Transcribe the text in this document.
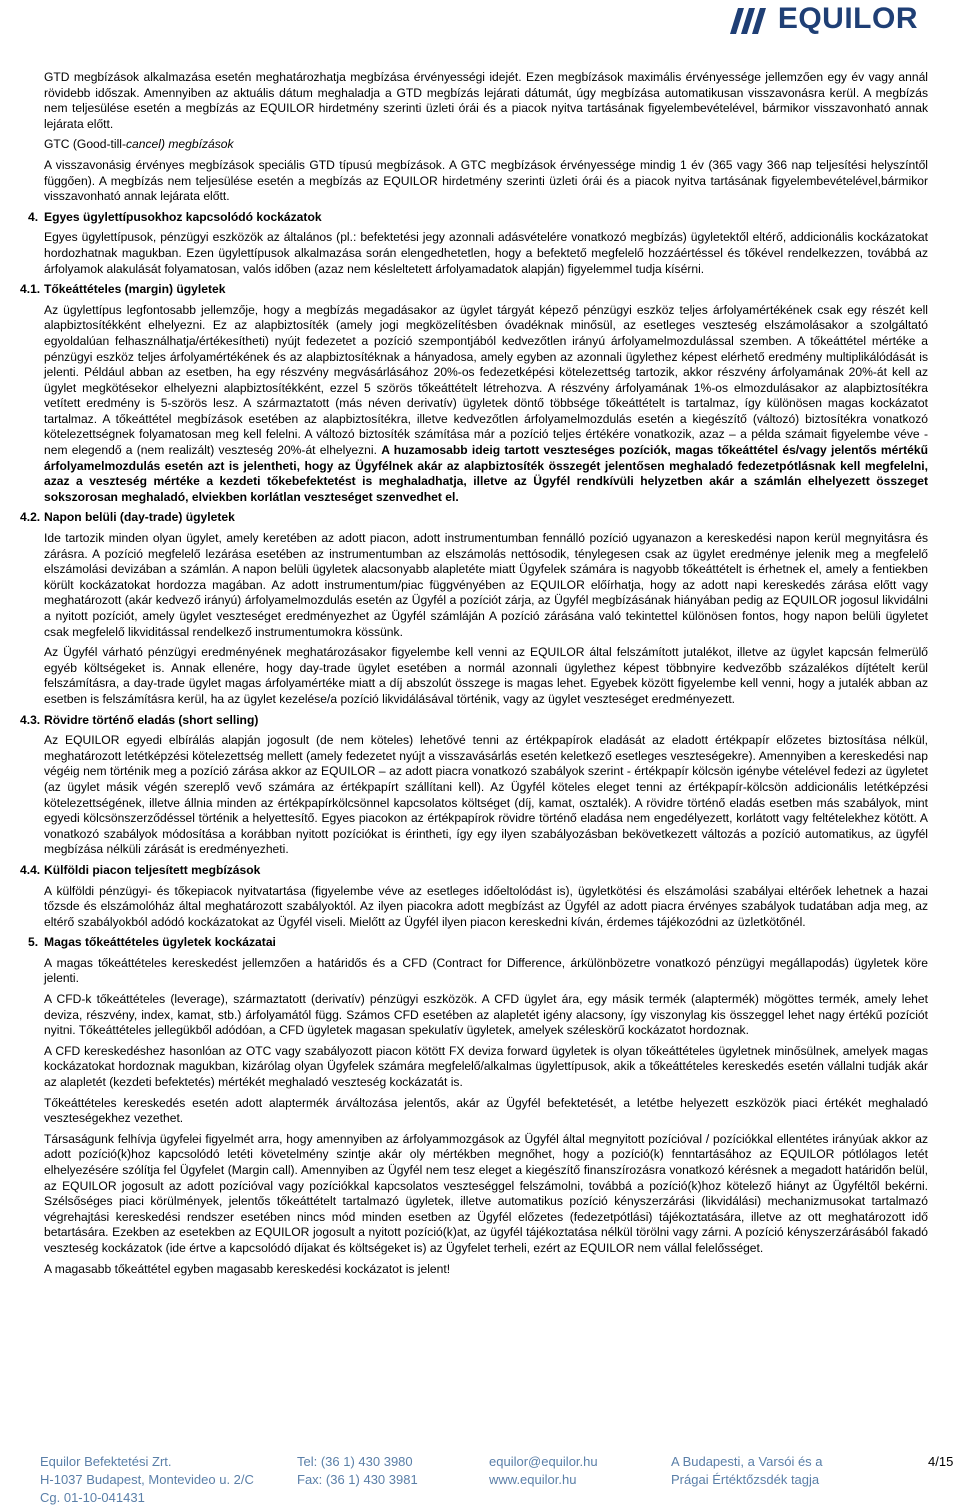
EQUILOR

GTD megbízások alkalmazása esetén meghatározhatja megbízása érvényességi idejét. Ezen megbízások maximális érvényessége jellemzően egy év vagy annál rövidebb időszak. Amennyiben az aktuális dátum meghaladja a GTD megbízás lejárati dátumát, úgy megbízása automatikusan visszavonásra kerül. A megbízás nem teljesülése esetén a megbízás az EQUILOR hirdetmény szerinti üzleti órái és a piacok nyitva tartásának figyelembevételével, bármikor visszavonható annak lejárata előtt.

GTC (Good-till-cancel) megbízások

A visszavonásig érvényes megbízások speciális GTD típusú megbízások. A GTC megbízások érvényessége mindig 1 év (365 vagy 366 nap teljesítési helyszíntől függően). A megbízás nem teljesülése esetén a megbízás az EQUILOR hirdetmény szerinti üzleti órái és a piacok nyitva tartásának figyelembevételével,bármikor visszavonható annak lejárata előtt.

4. Egyes ügylettípusokhoz kapcsolódó kockázatok

Egyes ügylettípusok, pénzügyi eszközök az általános (pl.: befektetési jegy azonnali adásvételére vonatkozó megbízás) ügyletektől eltérő, addicionális kockázatokat hordozhatnak magukban. Ezen ügylettípusok alkalmazása során elengedhetetlen, hogy a befektető megfelelő hozzáértéssel és tőkével rendelkezzen, továbbá az árfolyamok alakulását folyamatosan, valós időben (azaz nem késleltetett árfolyamadatok alapján) figyelemmel tudja kísérni.

4.1. Tőkeáttételes (margin) ügyletek

Az ügylettípus legfontosabb jellemzője, hogy a megbízás megadásakor az ügylet tárgyát képező pénzügyi eszköz teljes árfolyamértékének csak egy részét kell alapbiztosítékként elhelyezni. Ez az alapbiztosíték (amely jogi megközelítésben óvadéknak minősül, az esetleges veszteség elszámolásakor a szolgáltató egyoldalúan felhasználhatja/értékesítheti) nyújt fedezetet a pozíció szempontjából kedvezőtlen irányú árfolyamelmozdulással szemben. A tőkeáttétel mértéke a pénzügyi eszköz teljes árfolyamértékének és az alapbiztosítéknak a hányadosa, amely egyben az azonnali ügylethez képest elérhető eredmény multiplikálódását is jelenti. Például abban az esetben, ha egy részvény megvásárlásához 20%-os fedezetképési kötelezettség tartozik, akkor részvény árfolyamának 20%-át kell az ügylet megkötésekor elhelyezni alapbiztosítékként, ezzel 5 szörös tőkeáttételt létrehozva. A részvény árfolyamának 1%-os elmozdulásakor az alapbiztosítékra vetített eredmény is 5-szörös lesz. A származtatott (más néven derivatív) ügyletek döntő többsége tőkeáttételt is tartalmaz, így különösen magas kockázatot tartalmaz. A tőkeáttétel megbízások esetében az alapbiztosítékra, illetve kedvezőtlen árfolyamelmozdulás esetén a kiegészítő (változó) biztosítékra vonatkozó kötelezettségnek folyamatosan meg kell felelni. A változó biztosíték számítása már a pozíció teljes értékére vonatkozik, azaz – a példa számait figyelembe véve - nem elegendő a (nem realizált) veszteség 20%-át elhelyezni. A huzamosabb ideig tartott veszteséges pozíciók, magas tőkeáttétel és/vagy jelentős mértékű árfolyamelmozdulás esetén azt is jelentheti, hogy az Ügyfélnek akár az alapbiztosíték összegét jelentősen meghaladó fedezetpótlásnak kell megfelelni, azaz a veszteség mértéke a kezdeti tőkebefektetést is meghaladhatja, illetve az Ügyfél rendkívüli helyzetben akár a számlán elhelyezett összeget sokszorosan meghaladó, elviekben korlátlan veszteséget szenvedhet el.

4.2. Napon belüli (day-trade) ügyletek

Ide tartozik minden olyan ügylet, amely keretében az adott piacon, adott instrumentumban fennálló pozíció ugyanazon a kereskedési napon kerül megnyitásra és zárásra. A pozíció megfelelő lezárása esetében az instrumentumban az elszámolás nettósodik, ténylegesen csak az ügylet eredménye jelenik meg a megfelelő elszámolási devizában a számlán. A napon belüli ügyletek alacsonyabb alapletéte miatt Ügyfelek számára is nagyobb tőkeáttételt is érhetnek el, amely a fentiekben körült kockázatokat hordozza magában. Az adott instrumentum/piac függvényében az EQUILOR előírhatja, hogy az adott napi kereskedés zárása előtt vagy meghatározott (akár kedvező irányú) árfolyamelmozdulás esetén az Ügyfél a pozíciót zárja, az Ügyfél megbízásának hiányában pedig az EQUILOR jogosul likvidálni a nyitott pozíciót, amely ügylet veszteséget eredményezhet az Ügyfél számláján A pozíció zárásána való tekintettel különösen fontos, hogy napon belüli ügyletet csak megfelelő likviditással rendelkező instrumentumokra kössünk.

Az Ügyfél várható pénzügyi eredményének meghatározásakor figyelembe kell venni az EQUILOR által felszámított jutalékot, illetve az ügylet kapcsán felmerülő egyéb költségeket is. Annak ellenére, hogy day-trade ügylet esetében a normál azonnali ügylethez képest többnyire kedvezőbb százalékos díjtételt kerül felszámításra, a day-trade ügylet magas árfolyamértéke miatt a díj abszolút összege is magas lehet. Egyebek között figyelembe kell venni, hogy a jutalék abban az esetben is felszámításra kerül, ha az ügylet kezelése/a pozíció likvidálásával történik, vagy az ügylet veszteséget eredményezett.

4.3. Rövidre történő eladás (short selling)

Az EQUILOR egyedi elbírálás alapján jogosult (de nem köteles) lehetővé tenni az értékpapírok eladását az eladott értékpapír előzetes biztosítása nélkül, meghatározott letétképzési kötelezettség mellett (amely fedezetet nyújt a visszavásárlás esetén keletkező esetleges veszteségekre). Amennyiben a kereskedési nap végéig nem történik meg a pozíció zárása akkor az EQUILOR – az adott piacra vonatkozó szabályok szerint - értékpapír kölcsön igénybe vételével fedezi az ügyletet (az ügylet másik végén szereplő vevő számára az értékpapírt szállítani kell). Az Ügyfél köteles eleget tenni az értékpapír-kölcsön addicionális letétképzési kötelezettségének, illetve állnia minden az értékpapírkölcsönnel kapcsolatos költséget (díj, kamat, osztalék). A rövidre történő eladás esetben más szabályok, mint egyedi kölcsönszerződéssel történik a helyettesítő. Egyes piacokon az értékpapírok rövidre történő eladása nem engedélyezett, korlátott vagy feltételekhez kötött. A vonatkozó szabályok módosítása a korábban nyitott pozíciókat is érintheti, így egy ilyen szabályozásban bekövetkezett változás a pozíció automatikus, az ügyfél megbízása nélküli zárását is eredményezheti.

4.4. Külföldi piacon teljesített megbízások

A külföldi pénzügyi- és tőkepiacok nyitvatartása (figyelembe véve az esetleges időeltolódást is), ügyletkötési és elszámolási szabályai eltérőek lehetnek a hazai tőzsde és elszámolóház által meghatározott szabályoktól. Az ilyen piacokra adott megbízást az Ügyfél az adott piacra érvényes szabályok tudatában adja meg, az eltérő szabályokból adódó kockázatokat az Ügyfél viseli. Mielőtt az Ügyfél ilyen piacon kereskedni kíván, érdemes tájékozódni az üzletkötőnél.

5. Magas tőkeáttételes ügyletek kockázatai

A magas tőkeáttételes kereskedést jellemzően a határidős és a CFD (Contract for Difference, árkülönbözetre vonatkozó pénzügyi megállapodás) ügyletek köre jelenti.

A CFD-k tőkeáttételes (leverage), származtatott (derivatív) pénzügyi eszközök. A CFD ügylet ára, egy másik termék (alaptermék) mögöttes termék, amely lehet deviza, részvény, index, kamat, stb.) árfolyamától függ. Számos CFD esetében az alapletét igény alacsony, így viszonylag kis összeggel lehet nagy értékű pozíciót nyitni. Tőkeáttételes jellegükből adódóan, a CFD ügyletek magasan spekulatív ügyletek, amelyek széleskörű kockázatot hordoznak.

A CFD kereskedéshez hasonlóan az OTC vagy szabályozott piacon kötött FX deviza forward ügyletek is olyan tőkeáttételes ügyletnek minősülnek, amelyek magas kockázatokat hordoznak magukban, kizárólag olyan Ügyfelek számára megfelelő/alkalmas ügylettípusok, akik a tőkeáttételes kereskedés esetén vállalni tudják akár az alapletét (kezdeti befektetés) mértékét meghaladó veszteség kockázatát is.

Tőkeáttételes kereskedés esetén adott alaptermék árváltozása jelentős, akár az Ügyfél befektetését, a letétbe helyezett eszközök piaci értékét meghaladó veszteségekhez vezethet.

Társaságunk felhívja ügyfelei figyelmét arra, hogy amennyiben az árfolyammozgások az Ügyfél által megnyitott pozícióval / pozíciókkal ellentétes irányúak akkor az adott pozíció(k)hoz kapcsolódó letéti követelmény szintje akár oly mértékben megnőhet, hogy a pozíció(k) fenntartásához az EQUILOR pótlólagos letét elhelyezésére szólítja fel Ügyfelet (Margin call). Amennyiben az Ügyfél nem tesz eleget a kiegészítő finanszírozásra vonatkozó kérésnek a megadott határidőn belül, az EQUILOR jogosult az adott pozícióval vagy pozíciókkal kapcsolatos veszteséggel felszámolni, továbbá a pozíció(k)hoz kötelező hiányt az Ügyféltől bekérni. Szélsőséges piaci körülmények, jelentős tőkeáttételt tartalmazó ügyletek, illetve automatikus pozíció kényszerzárási (likvidálási) mechanizmusokat tartalmazó végrehajtási kereskedési rendszer esetében nincs mód minden esetben az Ügyfél előzetes (fedezetpótlási) tájékoztatására, illetve az ott meghatározott idő betartására. Ezekben az esetekben az EQUILOR jogosult a nyitott pozíció(k)at, az ügyfél tájékoztatása nélkül törölni vagy zárni. A pozíció kényszerzárásából fakadó veszteség kockázatok (ide értve a kapcsolódó díjakat és költségeket is) az Ügyfelet terheli, ezért az EQUILOR nem vállal felelősséget.

A magasabb tőkeáttétel egyben magasabb kereskedési kockázatot is jelent!

Equilor Befektetési Zrt.
H-1037 Budapest, Montevideo u. 2/C
Cg. 01-10-041431
Tel: (36 1) 430 3980
Fax: (36 1) 430 3981
equilor@equilor.hu
www.equilor.hu
A Budapesti, a Varsói és a
Prágai Értéktőzsdék tagja
4/15
